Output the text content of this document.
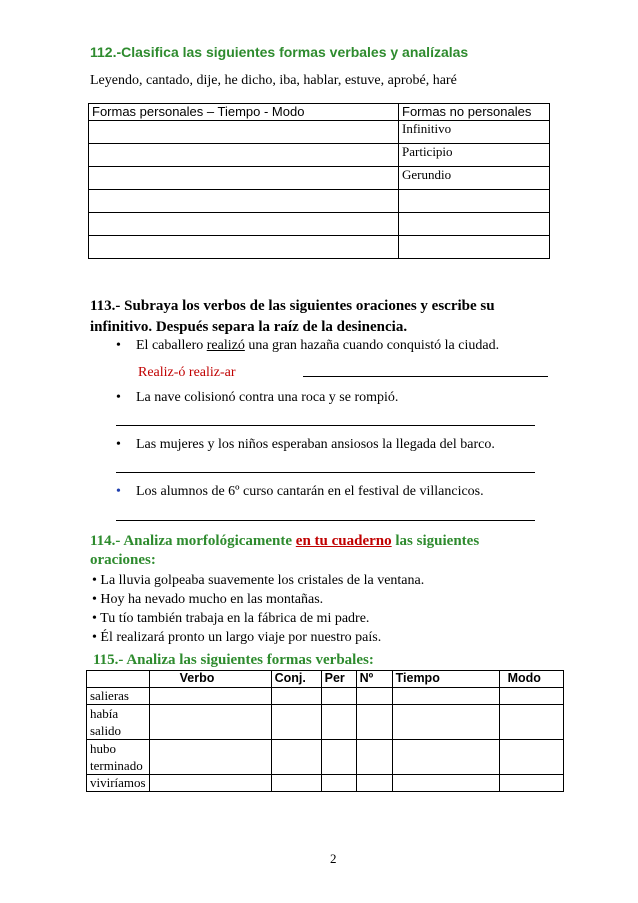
112.-Clasifica las siguientes formas verbales y analízalas
Leyendo, cantado, dije, he dicho, iba, hablar, estuve, aprobé, haré
Formas personales – Tiempo - Modo	Formas no personales
	Infinitivo
	Participio
	Gerundio

113.- Subraya los verbos de las siguientes oraciones y escribe su
infinitivo. Después separa la raíz de la desinencia.
• El caballero realizó una gran hazaña cuando conquistó la ciudad.
Realiz-ó realiz-ar
• La nave colisionó contra una roca y se rompió.
• Las mujeres y los niños esperaban ansiosos la llegada del barco.
• Los alumnos de 6º curso cantarán en el festival de villancicos.
114.- Analiza morfológicamente en tu cuaderno las siguientes
oraciones:
• La lluvia golpeaba suavemente los cristales de la ventana.
• Hoy ha nevado mucho en las montañas.
• Tu tío también trabaja en la fábrica de mi padre.
• Él realizará pronto un largo viaje por nuestro país.
115.- Analiza las siguientes formas verbales:
	Verbo	Conj.	Per	Nº	Tiempo	Modo
salieras						

había
salido						

hubo
terminado						

viviríamos						
2
